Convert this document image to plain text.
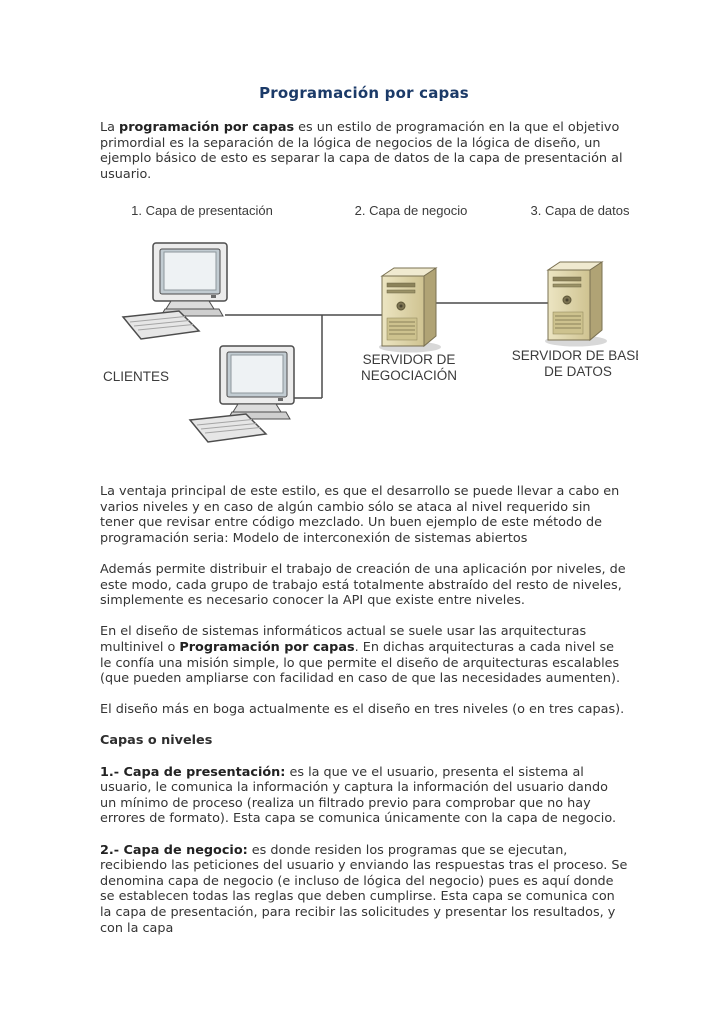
Programación por capas

La programación por capas es un estilo de programación en la que el objetivo primordial es la separación de la lógica de negocios de la lógica de diseño, un ejemplo básico de esto es separar la capa de datos de la capa de presentación al usuario.

1. Capa de presentación	2. Capa de negocio	3. Capa de datos
CLIENTES
SERVIDOR DE
NEGOCIACIÓN
SERVIDOR DE BASE
DE DATOS

La ventaja principal de este estilo, es que el desarrollo se puede llevar a cabo en varios niveles y en caso de algún cambio sólo se ataca al nivel requerido sin tener que revisar entre código mezclado. Un buen ejemplo de este método de programación seria: Modelo de interconexión de sistemas abiertos

Además permite distribuir el trabajo de creación de una aplicación por niveles, de este modo, cada grupo de trabajo está totalmente abstraído del resto de niveles, simplemente es necesario conocer la API que existe entre niveles.

En el diseño de sistemas informáticos actual se suele usar las arquitecturas multinivel o Programación por capas. En dichas arquitecturas a cada nivel se le confía una misión simple, lo que permite el diseño de arquitecturas escalables (que pueden ampliarse con facilidad en caso de que las necesidades aumenten).

El diseño más en boga actualmente es el diseño en tres niveles (o en tres capas).

Capas o niveles

1.- Capa de presentación: es la que ve el usuario, presenta el sistema al usuario, le comunica la información y captura la información del usuario dando un mínimo de proceso (realiza un filtrado previo para comprobar que no hay errores de formato). Esta capa se comunica únicamente con la capa de negocio.

2.- Capa de negocio: es donde residen los programas que se ejecutan, recibiendo las peticiones del usuario y enviando las respuestas tras el proceso. Se denomina capa de negocio (e incluso de lógica del negocio) pues es aquí donde se establecen todas las reglas que deben cumplirse. Esta capa se comunica con la capa de presentación, para recibir las solicitudes y presentar los resultados, y con la capa
